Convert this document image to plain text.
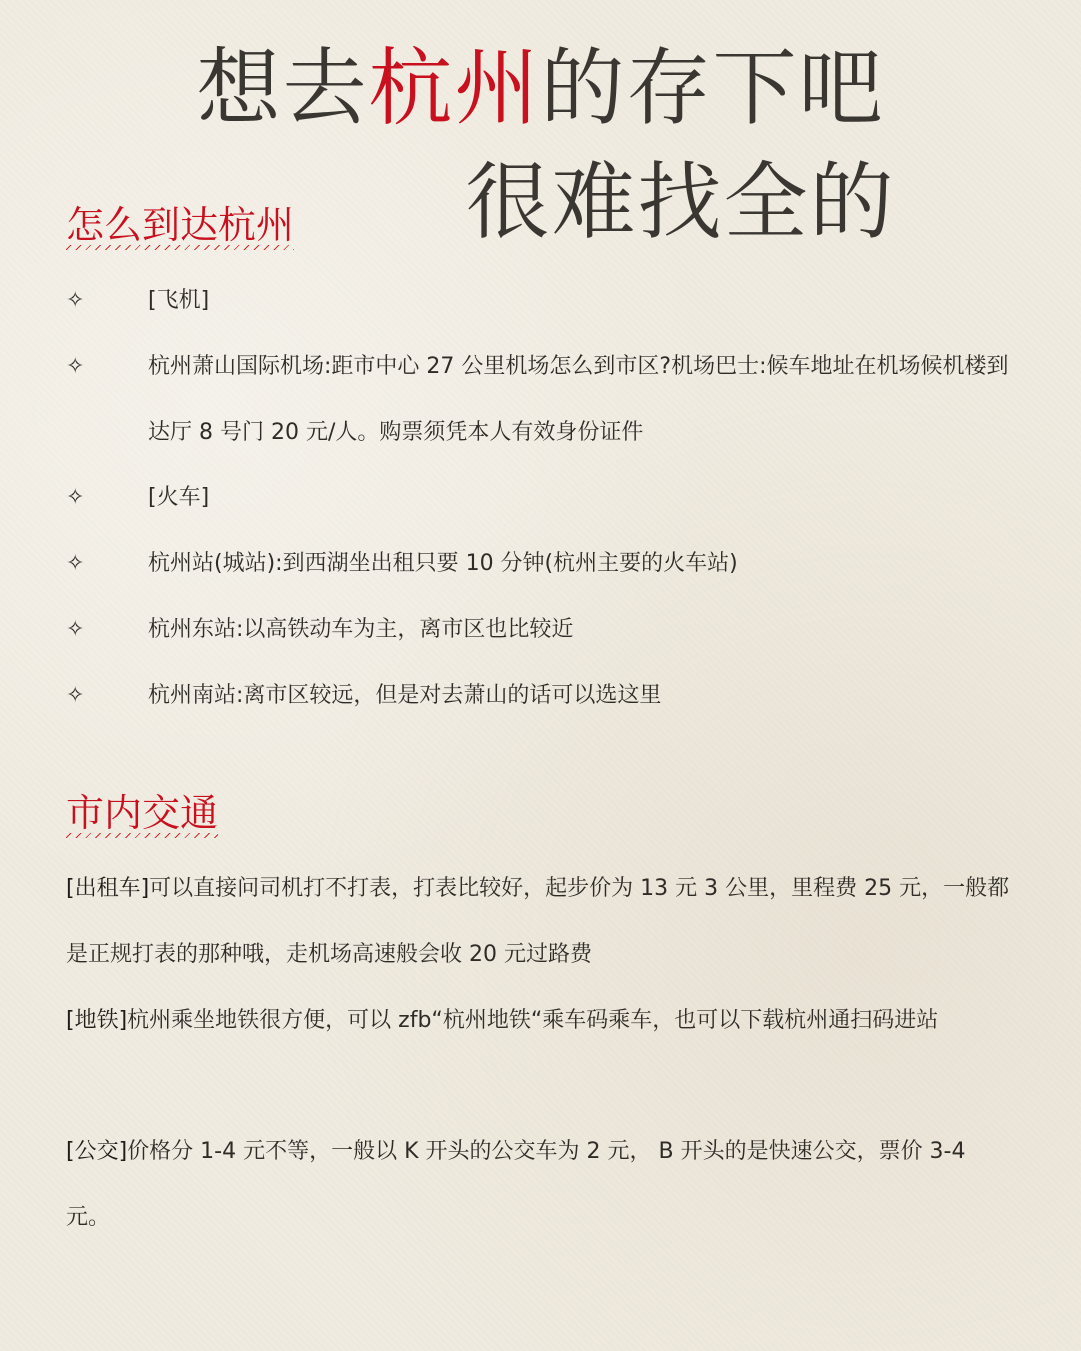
想去杭州的存下吧
很难找全的
怎么到达杭州
✧	[飞机]
✧	杭州萧山国际机场:距市中心 27 公里机场怎么到市区?机场巴士:候车地址在机场候机楼到达厅 8 号门 20 元/人。购票须凭本人有效身份证件
✧	[火车]
✧	杭州站(城站):到西湖坐出租只要 10 分钟(杭州主要的火车站)
✧	杭州东站:以高铁动车为主，离市区也比较近
✧	杭州南站:离市区较远，但是对去萧山的话可以选这里
市内交通
[出租车]可以直接问司机打不打表，打表比较好，起步价为 13 元 3 公里，里程费 25 元，一般都是正规打表的那种哦，走机场高速般会收 20 元过路费
[地铁]杭州乘坐地铁很方便，可以 zfb“杭州地铁“乘车码乘车，也可以下载杭州通扫码进站
[公交]价格分 1-4 元不等，一般以 K 开头的公交车为 2 元， B 开头的是快速公交，票价 3-4 元。
